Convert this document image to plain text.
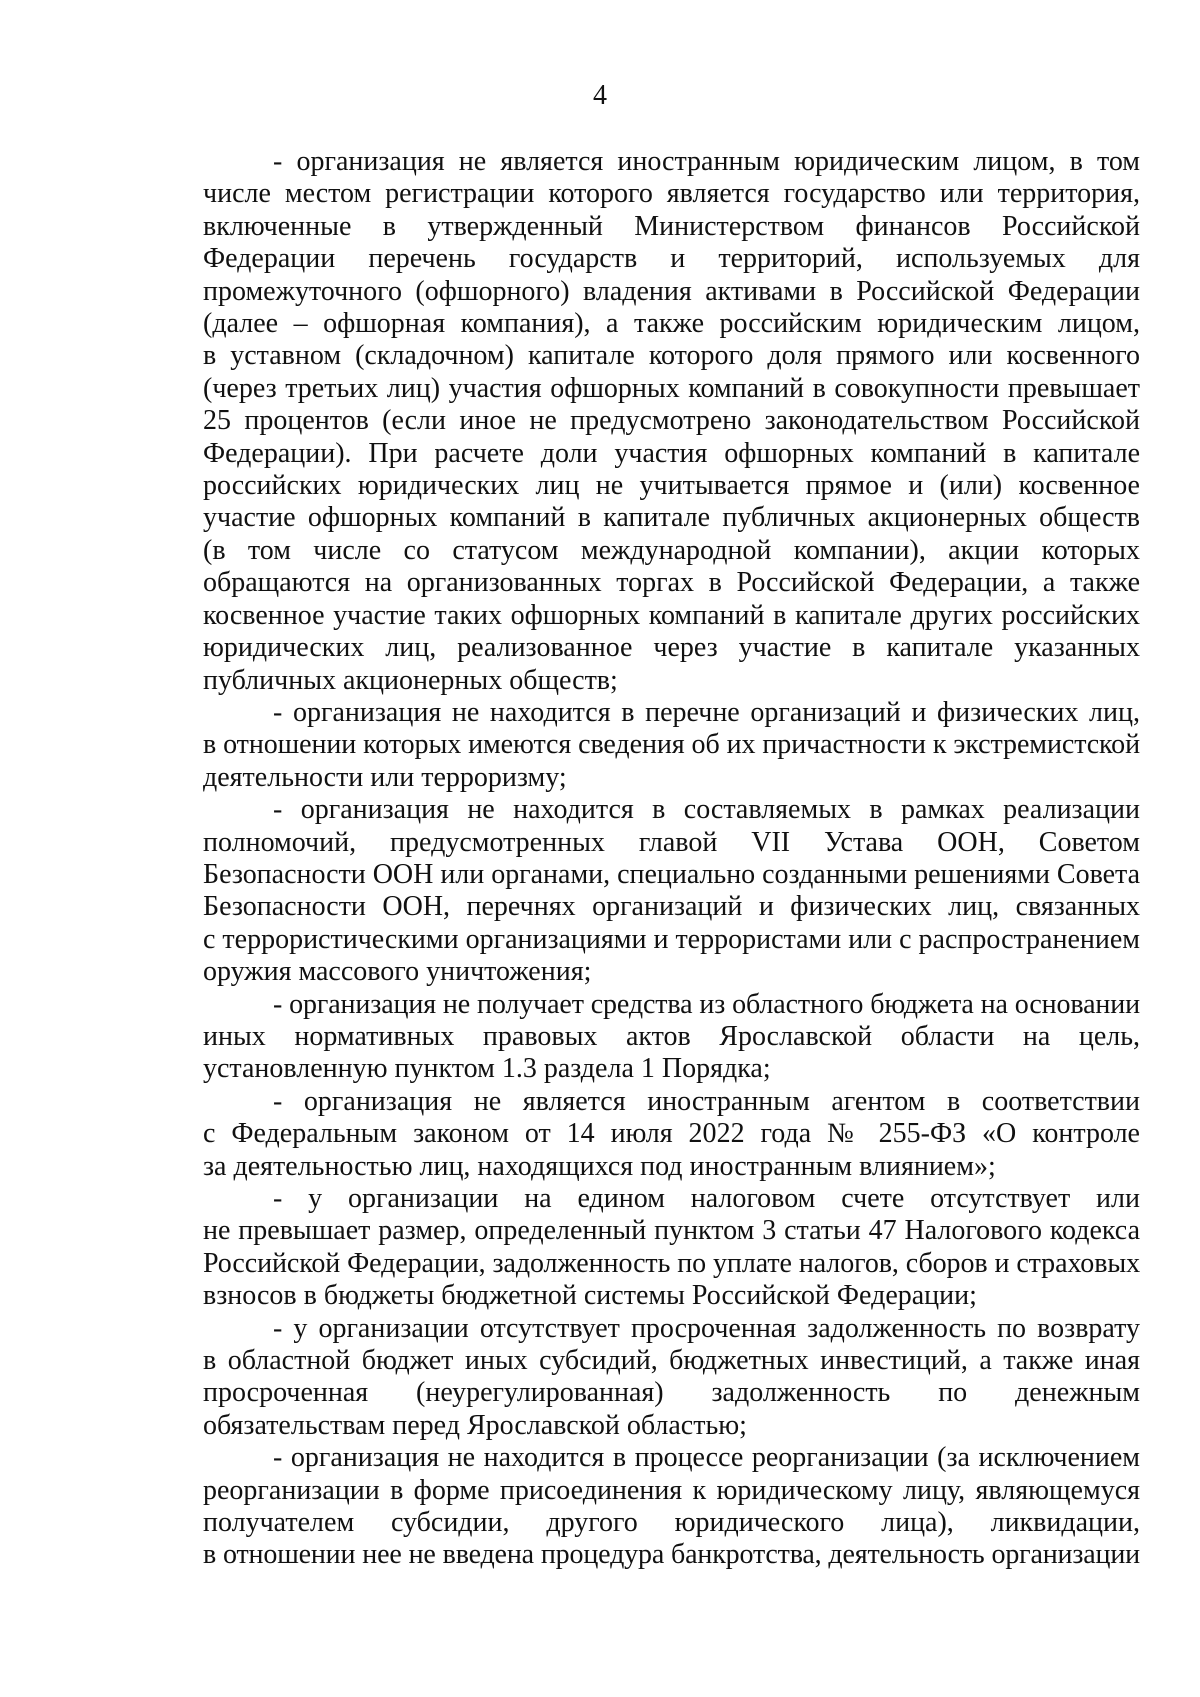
4

- организация не является иностранным юридическим лицом, в том
числе местом регистрации которого является государство или территория,
включенные в утвержденный Министерством финансов Российской
Федерации перечень государств и территорий, используемых для
промежуточного (офшорного) владения активами в Российской Федерации
(далее – офшорная компания), а также российским юридическим лицом,
в уставном (складочном) капитале которого доля прямого или косвенного
(через третьих лиц) участия офшорных компаний в совокупности превышает
25 процентов (если иное не предусмотрено законодательством Российской
Федерации). При расчете доли участия офшорных компаний в капитале
российских юридических лиц не учитывается прямое и (или) косвенное
участие офшорных компаний в капитале публичных акционерных обществ
(в том числе со статусом международной компании), акции которых
обращаются на организованных торгах в Российской Федерации, а также
косвенное участие таких офшорных компаний в капитале других российских
юридических лиц, реализованное через участие в капитале указанных
публичных акционерных обществ;

- организация не находится в перечне организаций и физических лиц,
в отношении которых имеются сведения об их причастности к экстремистской
деятельности или терроризму;

- организация не находится в составляемых в рамках реализации
полномочий, предусмотренных главой VII Устава ООН, Советом
Безопасности ООН или органами, специально созданными решениями Совета
Безопасности ООН, перечнях организаций и физических лиц, связанных
с террористическими организациями и террористами или с распространением
оружия массового уничтожения;

- организация не получает средства из областного бюджета на основании
иных нормативных правовых актов Ярославской области на цель,
установленную пунктом 1.3 раздела 1 Порядка;

- организация не является иностранным агентом в соответствии
с Федеральным законом от 14 июля 2022 года № 255-ФЗ «О контроле
за деятельностью лиц, находящихся под иностранным влиянием»;

- у организации на едином налоговом счете отсутствует или
не превышает размер, определенный пунктом 3 статьи 47 Налогового кодекса
Российской Федерации, задолженность по уплате налогов, сборов и страховых
взносов в бюджеты бюджетной системы Российской Федерации;

- у организации отсутствует просроченная задолженность по возврату
в областной бюджет иных субсидий, бюджетных инвестиций, а также иная
просроченная (неурегулированная) задолженность по денежным
обязательствам перед Ярославской областью;

- организация не находится в процессе реорганизации (за исключением
реорганизации в форме присоединения к юридическому лицу, являющемуся
получателем субсидии, другого юридического лица), ликвидации,
в отношении нее не введена процедура банкротства, деятельность организации
